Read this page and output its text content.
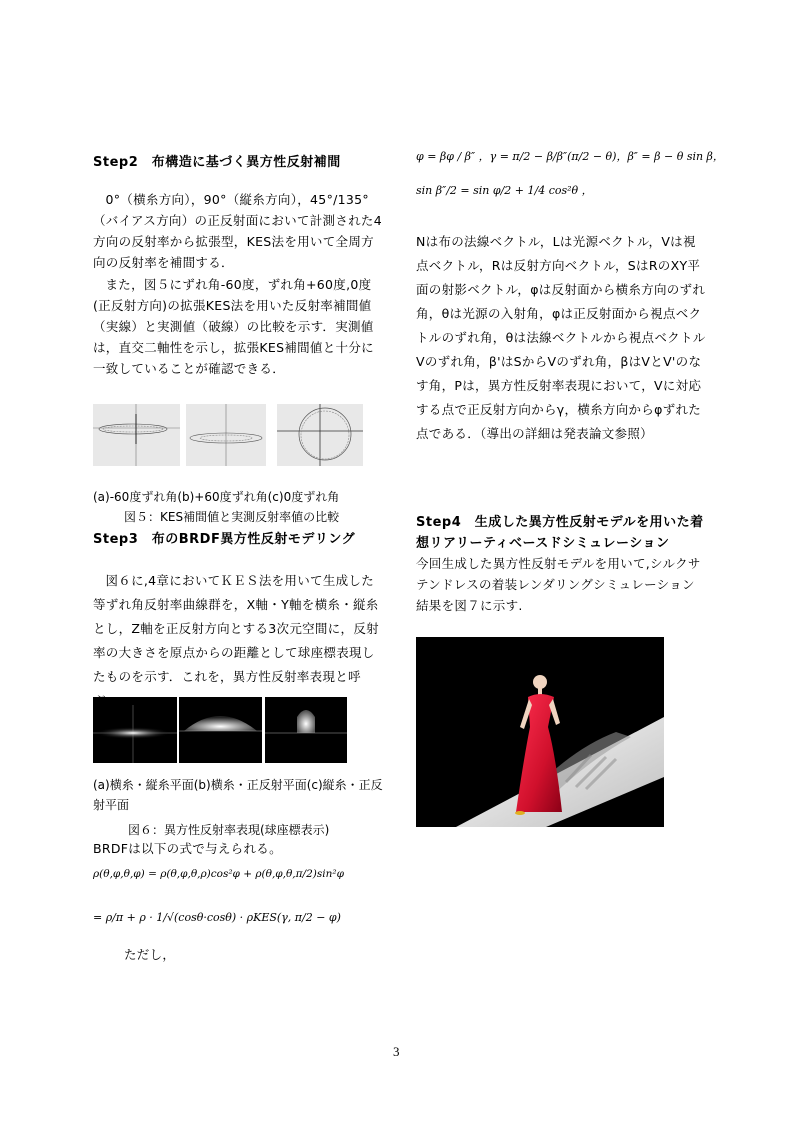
Step2　布構造に基づく異方性反射補間
0°（横糸方向），90°（縦糸方向），45°/135°（バイアス方向）の正反射面において計測された4方向の反射率から拡張型，KES法を用いて全周方向の反射率を補間する．
また，図５にずれ角-60度，ずれ角+60度,0度(正反射方向)の拡張KES法を用いた反射率補間値（実線）と実測値（破線）の比較を示す．実測値は，直交二軸性を示し，拡張KES補間値と十分に一致していることが確認できる．
(a)-60度ずれ角(b)+60度ずれ角(c)0度ずれ角
図５：KES補間値と実測反射率値の比較
Step3　布のBRDF異方性反射モデリング
図６に,4章においてＫＥＳ法を用いて生成した等ずれ角反射率曲線群を，X軸・Y軸を横糸・縦糸とし，Z軸を正反射方向とする3次元空間に，反射率の大きさを原点からの距離として球座標表現したものを示す．これを，異方性反射率表現と呼
(a)横糸・縦糸平面(b)横糸・正反射平面(c)縦糸・正反射平面
図６：異方性反射率表現(球座標表示)
BRDFは以下の式で与えられる。
ρ(θ,φ,θ,φ) = ρ(θ,φ,θ,ρ)cos²φ + ρ(θ,φ,θ,π/2)sin²φ
= ρ/π + ρ · 1/√(cosθ·cosθ) · ρKES(γ, π/2 − φ)
ただし，
φ = βφ / β″ ，γ = π/2 − β/β″(π/2 − θ)，β″ = β − θ sin β，
sin β″/2 = sin φ/2 + 1/4 cos²θ ，
Nは布の法線ベクトル，Lは光源ベクトル，Vは視点ベクトル，Rは反射方向ベクトル，SはRのXY平面の射影ベクトル，φは反射面から横糸方向のずれ角，θは光源の入射角，φは正反射面から視点ベクトルのずれ角，θは法線ベクトルから視点ベクトルVのずれ角，β'はSからVのずれ角，βはVとV'のなす角，Pは，異方性反射率表現において，Vに対応する点で正反射方向からγ，横糸方向からφずれた点である．（導出の詳細は発表論文参照）
Step4　生成した異方性反射モデルを用いた着想リアリーティベースドシミュレーション
今回生成した異方性反射モデルを用いて,シルクサテンドレスの着装レンダリングシミュレーション結果を図７に示す.
3
